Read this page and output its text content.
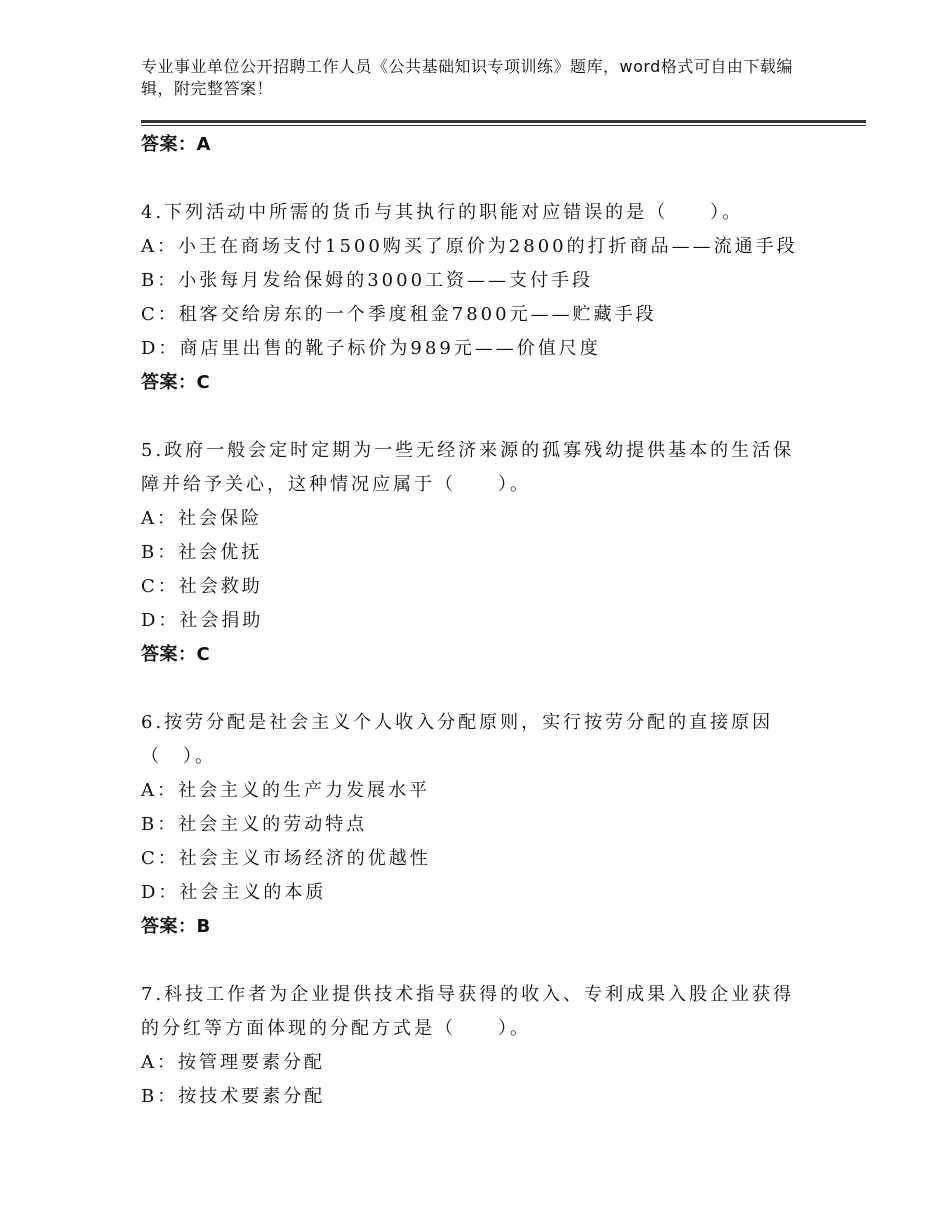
专业事业单位公开招聘工作人员《公共基础知识专项训练》题库，word格式可自由下载编辑，附完整答案！
答案：A
4.下列活动中所需的货币与其执行的职能对应错误的是（　　）。
A：小王在商场支付1500购买了原价为2800的打折商品——流通手段
B：小张每月发给保姆的3000工资——支付手段
C：租客交给房东的一个季度租金7800元——贮藏手段
D：商店里出售的靴子标价为989元——价值尺度
答案：C
5.政府一般会定时定期为一些无经济来源的孤寡残幼提供基本的生活保障并给予关心，这种情况应属于（　　）。
A：社会保险
B：社会优抚
C：社会救助
D：社会捐助
答案：C
6.按劳分配是社会主义个人收入分配原则，实行按劳分配的直接原因（　）。
A：社会主义的生产力发展水平
B：社会主义的劳动特点
C：社会主义市场经济的优越性
D：社会主义的本质
答案：B
7.科技工作者为企业提供技术指导获得的收入、专利成果入股企业获得的分红等方面体现的分配方式是（　　）。
A：按管理要素分配
B：按技术要素分配
